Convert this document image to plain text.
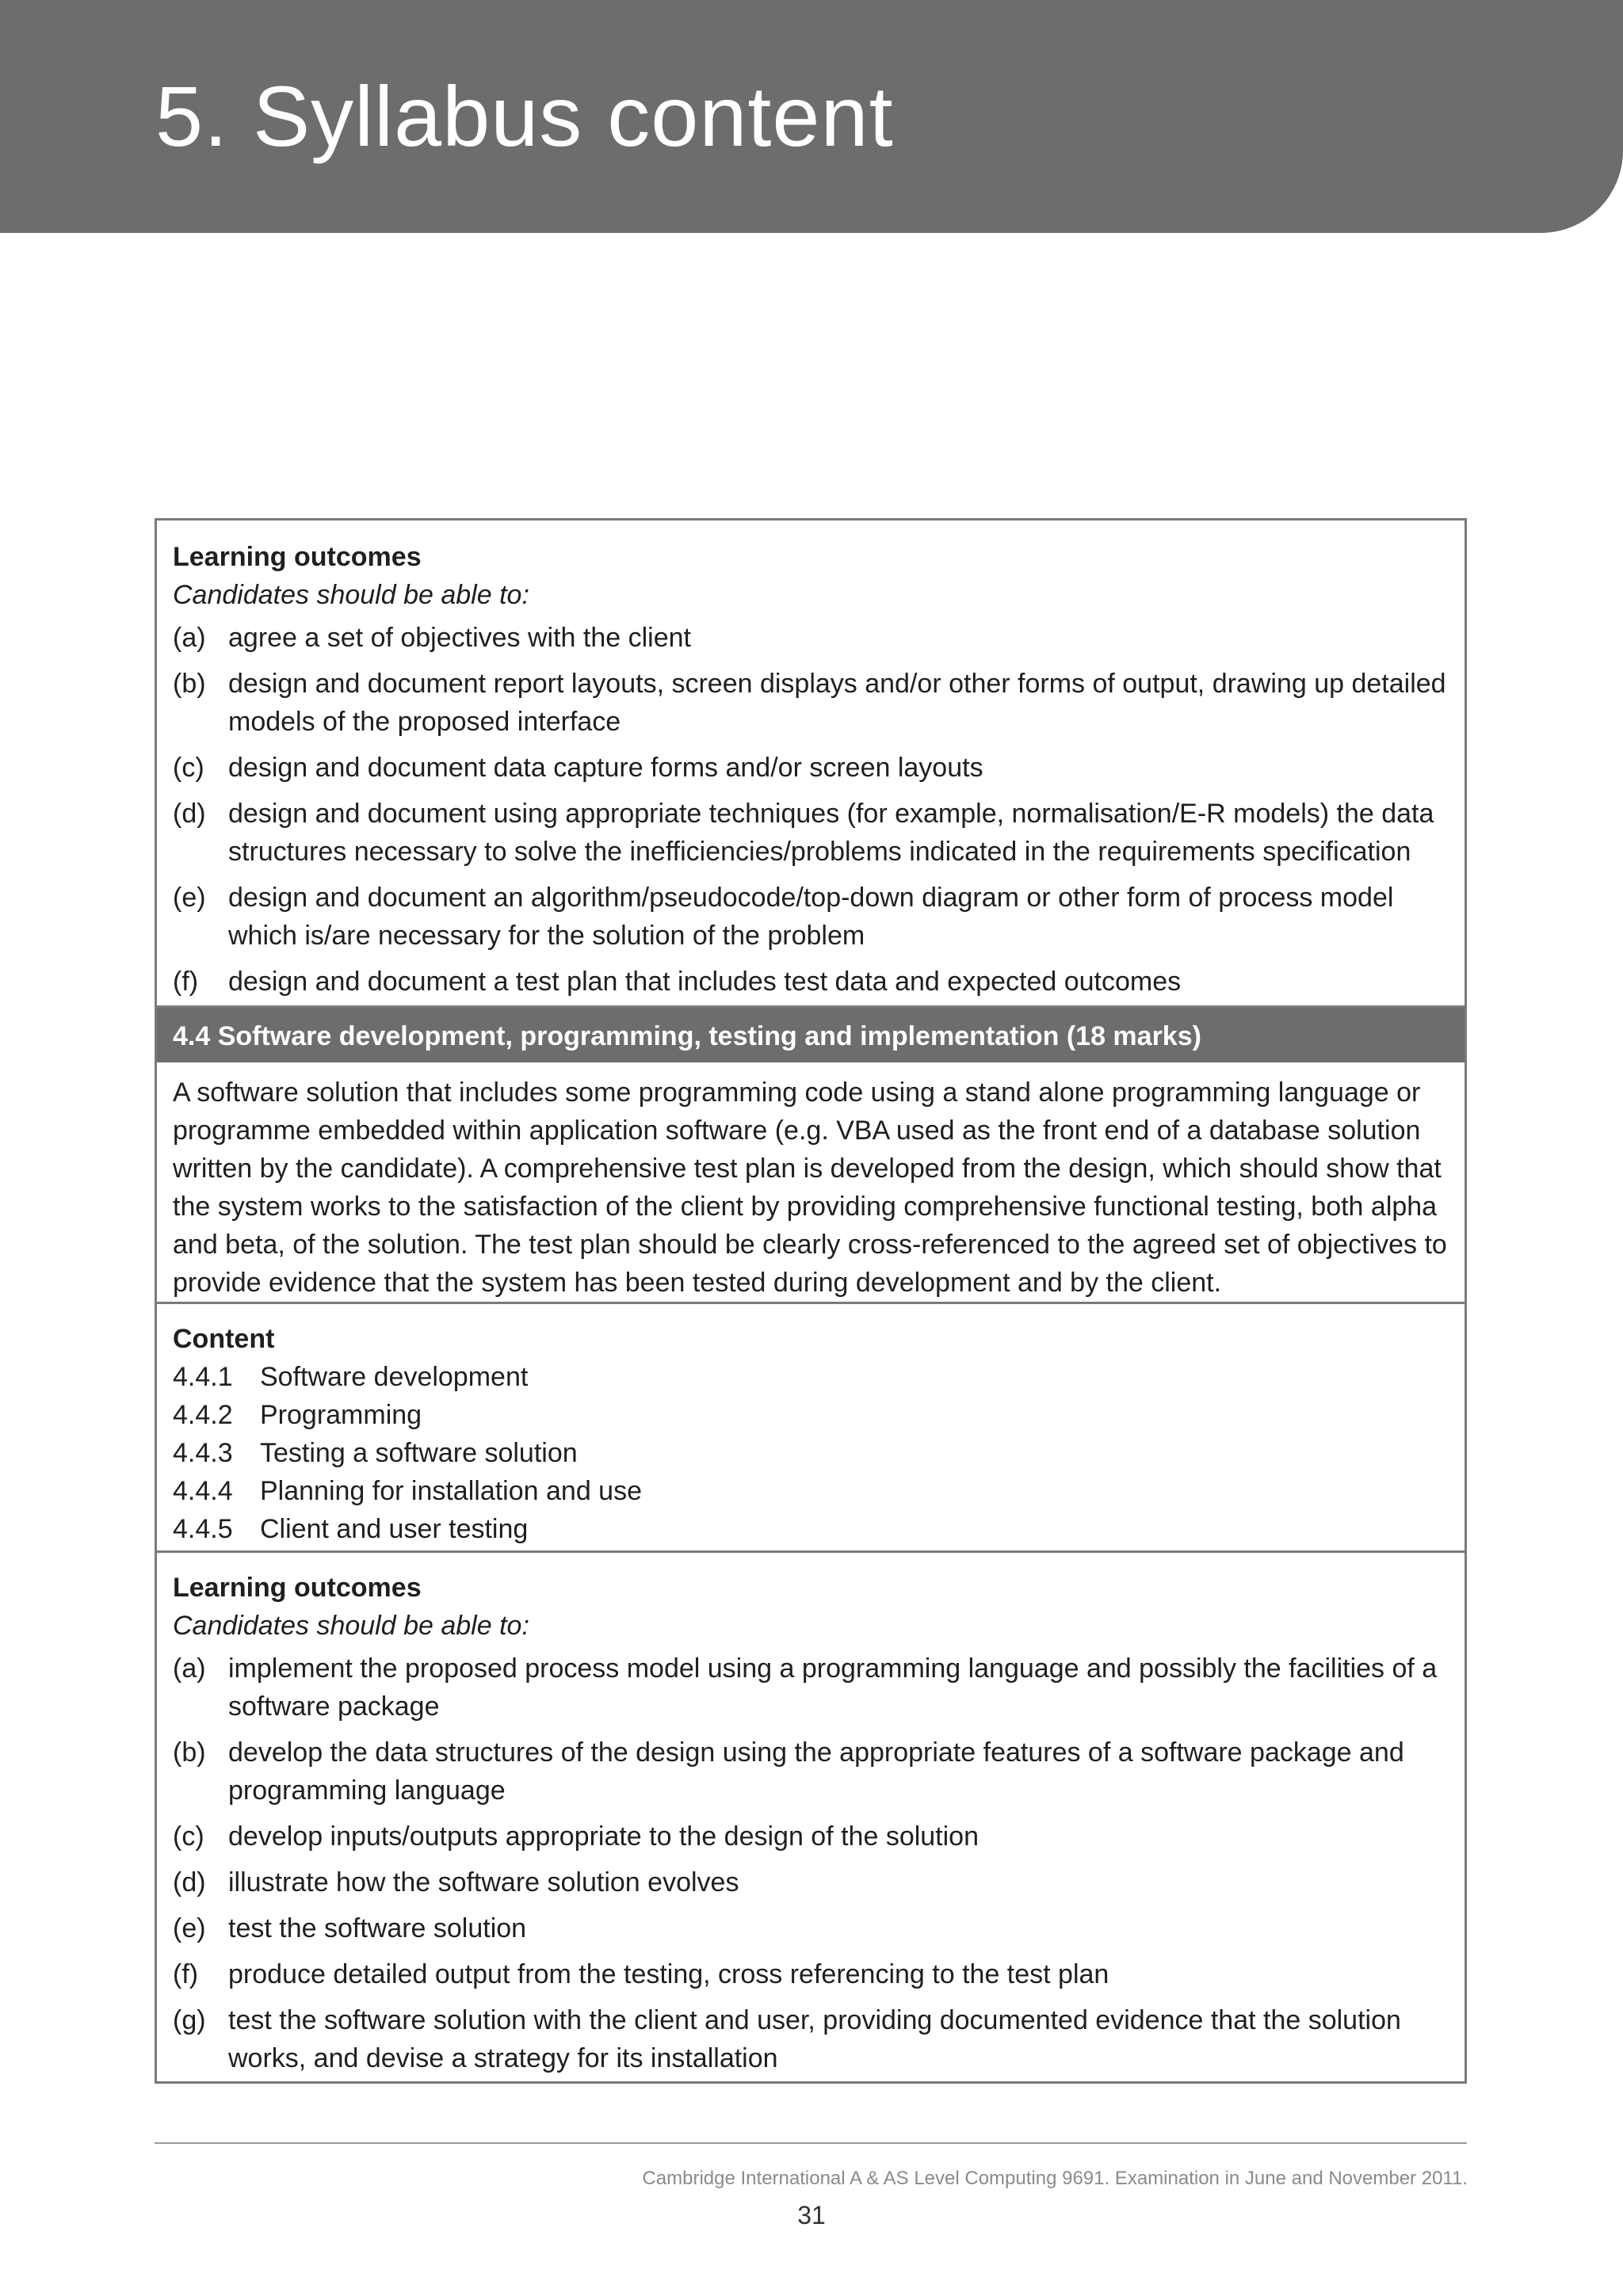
5. Syllabus content
Learning outcomes
Candidates should be able to:
(a) agree a set of objectives with the client
(b) design and document report layouts, screen displays and/or other forms of output, drawing up detailed models of the proposed interface
(c) design and document data capture forms and/or screen layouts
(d) design and document using appropriate techniques (for example, normalisation/E-R models) the data structures necessary to solve the inefficiencies/problems indicated in the requirements specification
(e) design and document an algorithm/pseudocode/top-down diagram or other form of process model which is/are necessary for the solution of the problem
(f) design and document a test plan that includes test data and expected outcomes
4.4 Software development, programming, testing and implementation (18 marks)
A software solution that includes some programming code using a stand alone programming language or programme embedded within application software (e.g. VBA used as the front end of a database solution written by the candidate). A comprehensive test plan is developed from the design, which should show that the system works to the satisfaction of the client by providing comprehensive functional testing, both alpha and beta, of the solution. The test plan should be clearly cross-referenced to the agreed set of objectives to provide evidence that the system has been tested during development and by the client.
Content
4.4.1 Software development
4.4.2 Programming
4.4.3 Testing a software solution
4.4.4 Planning for installation and use
4.4.5 Client and user testing
Learning outcomes
Candidates should be able to:
(a) implement the proposed process model using a programming language and possibly the facilities of a software package
(b) develop the data structures of the design using the appropriate features of a software package and programming language
(c) develop inputs/outputs appropriate to the design of the solution
(d) illustrate how the software solution evolves
(e) test the software solution
(f) produce detailed output from the testing, cross referencing to the test plan
(g) test the software solution with the client and user, providing documented evidence that the solution works, and devise a strategy for its installation
Cambridge International A & AS Level Computing 9691. Examination in June and November 2011.
31
